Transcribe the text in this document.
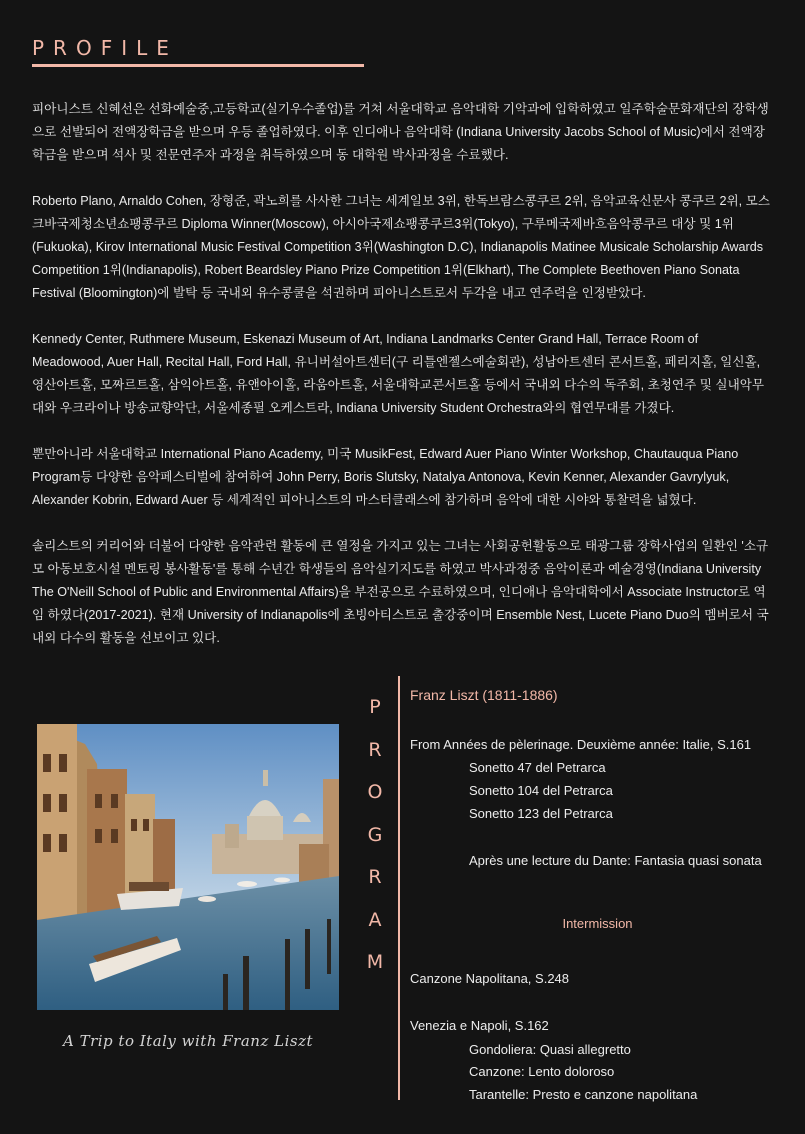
PROFILE

피아니스트 신혜선은 선화예술중,고등학교(실기우수졸업)를 거쳐 서울대학교 음악대학 기악과에 입학하였고 일주학술문화재단의 장학생으로 선발되어 전액장학금을 받으며 우등 졸업하였다. 이후 인디애나 음악대학 (Indiana University Jacobs School of Music)에서 전액장학금을 받으며 석사 및 전문연주자 과정을 취득하였으며 동 대학원 박사과정을 수료했다.

Roberto Plano, Arnaldo Cohen, 장형준, 곽노희를 사사한 그녀는 세계일보 3위, 한독브람스콩쿠르 2위, 음악교육신문사 콩쿠르 2위, 모스크바국제청소년쇼팽콩쿠르 Diploma Winner(Moscow), 아시아국제쇼팽콩쿠르3위(Tokyo), 구루메국제바흐음악콩쿠르 대상 및 1위(Fukuoka), Kirov International Music Festival Competition 3위(Washington D.C), Indianapolis Matinee Musicale Scholarship Awards Competition 1위(Indianapolis), Robert Beardsley Piano Prize Competition 1위(Elkhart), The Complete Beethoven Piano Sonata Festival (Bloomington)에 발탁 등 국내외 유수콩쿨을 석권하며 피아니스트로서 두각을 내고 연주력을 인정받았다.

Kennedy Center, Ruthmere Museum, Eskenazi Museum of Art, Indiana Landmarks Center Grand Hall, Terrace Room of Meadowood, Auer Hall, Recital Hall, Ford Hall, 유니버설아트센터(구 리틀엔젤스예술회관), 성남아트센터 콘서트홀, 페리지홀, 일신홀, 영산아트홀, 모짜르트홀, 삼익아트홀, 유앤아이홀, 라움아트홀, 서울대학교콘서트홀 등에서 국내외 다수의 독주회, 초청연주 및 실내악무대와 우크라이나 방송교향악단, 서울세종필 오케스트라, Indiana University Student Orchestra와의 협연무대를 가졌다.

뿐만아니라 서울대학교 International Piano Academy, 미국 MusikFest, Edward Auer Piano Winter Workshop, Chautauqua Piano Program등 다양한 음악페스티벌에 참여하여 John Perry, Boris Slutsky, Natalya Antonova, Kevin Kenner, Alexander Gavrylyuk, Alexander Kobrin, Edward Auer 등 세계적인 피아니스트의 마스터클래스에 참가하며 음악에 대한 시야와 통찰력을 넓혔다.

솔리스트의 커리어와 더불어 다양한 음악관련 활동에 큰 열정을 가지고 있는 그녀는 사회공헌활동으로 태광그룹 장학사업의 일환인 '소규모 아동보호시설 멘토링 봉사활동'를 통해 수년간 학생들의 음악실기지도를 하였고 박사과정중 음악이론과 예술경영(Indiana University The O'Neill School of Public and Environmental Affairs)을 부전공으로 수료하였으며, 인디애나 음악대학에서 Associate Instructor로 역임 하였다(2017-2021). 현재 University of Indianapolis에 초빙아티스트로 출강중이며 Ensemble Nest, Lucete Piano Duo의 멤버로서 국내외 다수의 활동을 선보이고 있다.

A Trip to Italy with Franz Liszt
P
R
O
G
R
A
M
Franz Liszt (1811-1886)
From Années de pèlerinage. Deuxième année: Italie, S.161
Sonetto 47 del Petrarca
Sonetto 104 del Petrarca
Sonetto 123 del Petrarca
Après une lecture du Dante: Fantasia quasi sonata
Intermission
Canzone Napolitana, S.248
Venezia e Napoli, S.162
Gondoliera: Quasi allegretto
Canzone: Lento doloroso
Tarantelle: Presto e canzone napolitana
